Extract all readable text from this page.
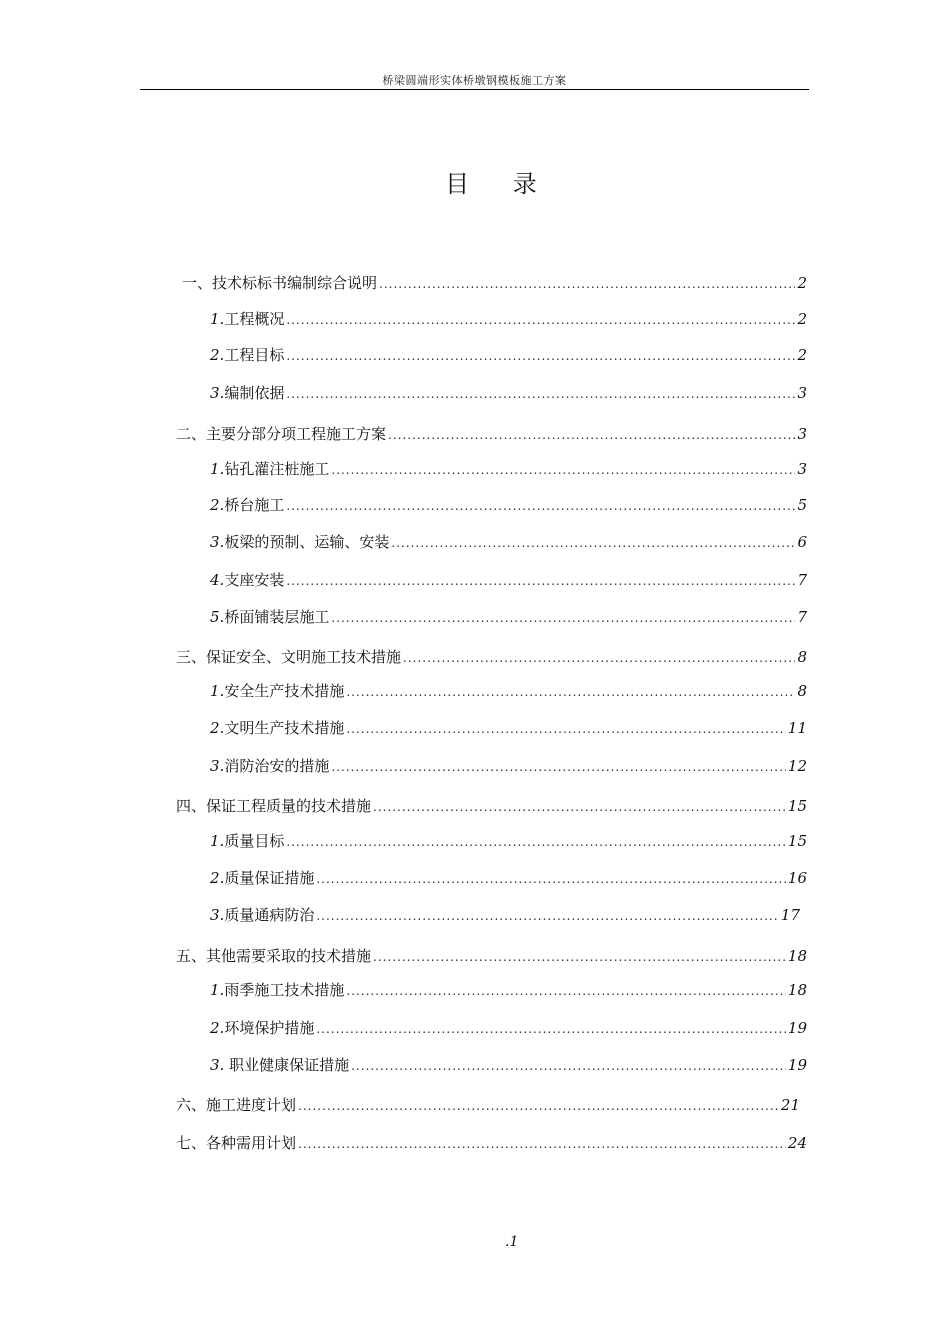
桥梁圆端形实体桥墩钢模板施工方案
目 录
一、技术标标书编制综合说明 .....	2
1.工程概况 .....	2
2.工程目标 .....	2
3.编制依据 .....	3
二、主要分部分项工程施工方案 .....	3
1.钻孔灌注桩施工 .....	3
2.桥台施工 .....	5
3.板梁的预制、运输、安装 .....	6
4.支座安装 .....	7
5.桥面铺装层施工 .....	7
三、保证安全、文明施工技术措施 .....	8
1.安全生产技术措施 .....	8
2.文明生产技术措施 .....	11
3.消防治安的措施 .....	12
四、保证工程质量的技术措施 .....	15
1.质量目标 .....	15
2.质量保证措施 .....	16
3.质量通病防治 .....	17
五、其他需要采取的技术措施 .....	18
1.雨季施工技术措施 .....	18
2.环境保护措施 .....	19
3. 职业健康保证措施 .....	19
六、施工进度计划 .....	21
七、各种需用计划 .....	24
.1
